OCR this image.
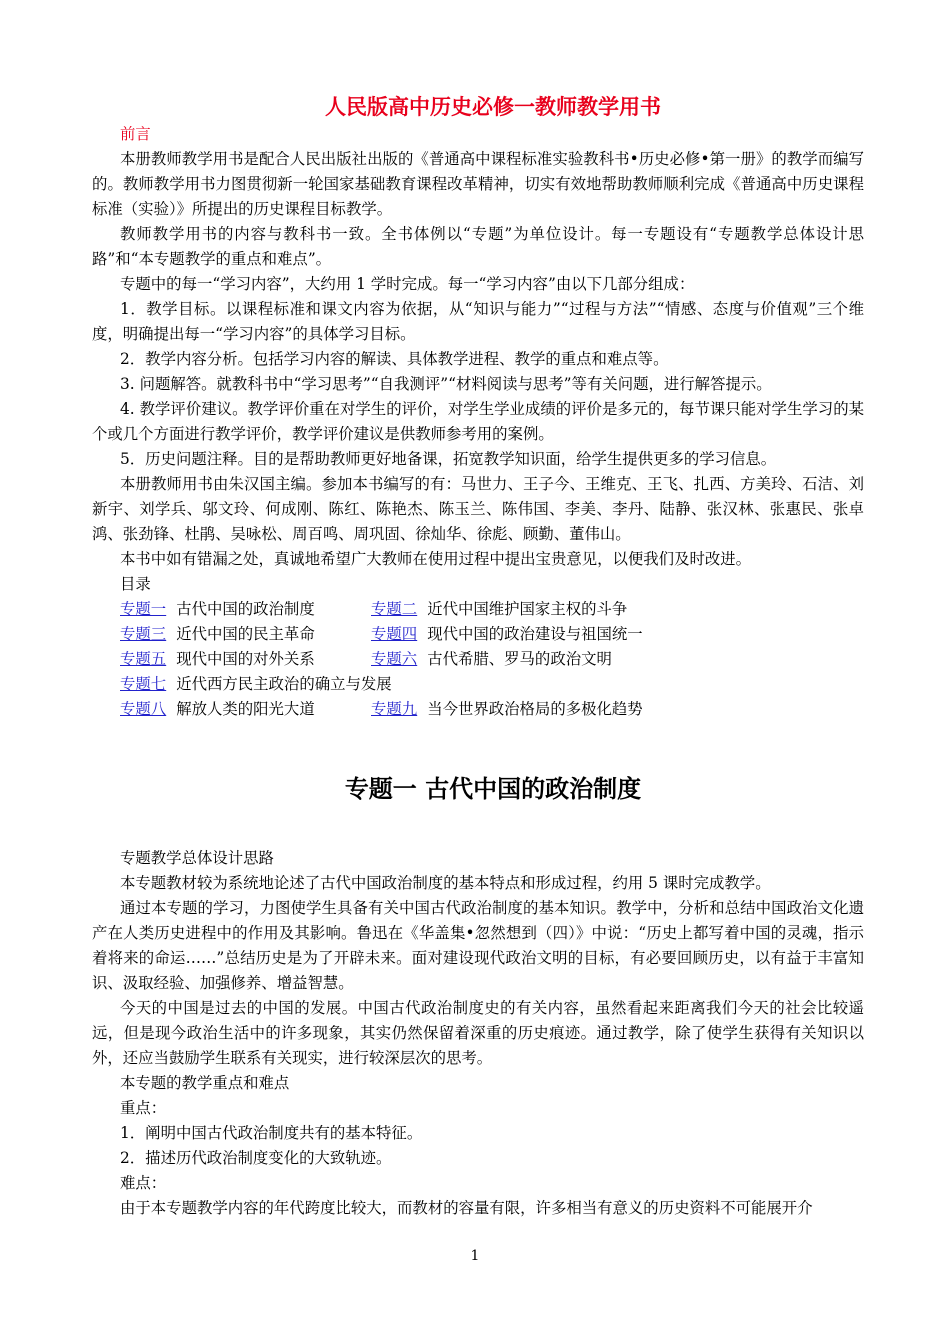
人民版高中历史必修一教师教学用书
前言
本册教师教学用书是配合人民出版社出版的《普通高中课程标准实验教科书•历史必修•第一册》的教学而编写的。教师教学用书力图贯彻新一轮国家基础教育课程改革精神，切实有效地帮助教师顺利完成《普通高中历史课程标准（实验）》所提出的历史课程目标教学。
教师教学用书的内容与教科书一致。全书体例以“专题”为单位设计。每一专题设有“专题教学总体设计思路”和“本专题教学的重点和难点”。
专题中的每一“学习内容”，大约用 1 学时完成。每一“学习内容”由以下几部分组成：
1．教学目标。以课程标准和课文内容为依据，从“知识与能力”“过程与方法”“情感、态度与价值观”三个维度，明确提出每一“学习内容”的具体学习目标。
2．教学内容分析。包括学习内容的解读、具体教学进程、教学的重点和难点等。
3. 问题解答。就教科书中“学习思考”“自我测评”“材料阅读与思考”等有关问题，进行解答提示。
4. 教学评价建议。教学评价重在对学生的评价，对学生学业成绩的评价是多元的，每节课只能对学生学习的某个或几个方面进行教学评价，教学评价建议是供教师参考用的案例。
5．历史问题注释。目的是帮助教师更好地备课，拓宽教学知识面，给学生提供更多的学习信息。
本册教师用书由朱汉国主编。参加本书编写的有：马世力、王子今、王维克、王飞、扎西、方美玲、石洁、刘新宇、刘学兵、邬文玲、何成刚、陈红、陈艳杰、陈玉兰、陈伟国、李美、李丹、陆静、张汉林、张惠民、张卓鸿、张劲锋、杜鹃、吴咏松、周百鸣、周巩固、徐灿华、徐彪、顾勤、董伟山。
本书中如有错漏之处，真诚地希望广大教师在使用过程中提出宝贵意见，以便我们及时改进。
目录
专题一 古代中国的政治制度	专题二 近代中国维护国家主权的斗争
专题三 近代中国的民主革命	专题四 现代中国的政治建设与祖国统一
专题五 现代中国的对外关系	专题六 古代希腊、罗马的政治文明
专题七 近代西方民主政治的确立与发展
专题八 解放人类的阳光大道	专题九 当今世界政治格局的多极化趋势
专题一 古代中国的政治制度
专题教学总体设计思路
本专题教材较为系统地论述了古代中国政治制度的基本特点和形成过程，约用 5 课时完成教学。
通过本专题的学习，力图使学生具备有关中国古代政治制度的基本知识。教学中，分析和总结中国政治文化遗产在人类历史进程中的作用及其影响。鲁迅在《华盖集•忽然想到（四）》中说：“历史上都写着中国的灵魂，指示着将来的命运……”总结历史是为了开辟未来。面对建设现代政治文明的目标，有必要回顾历史，以有益于丰富知识、汲取经验、加强修养、增益智慧。
今天的中国是过去的中国的发展。中国古代政治制度史的有关内容，虽然看起来距离我们今天的社会比较遥远，但是现今政治生活中的许多现象，其实仍然保留着深重的历史痕迹。通过教学，除了使学生获得有关知识以外，还应当鼓励学生联系有关现实，进行较深层次的思考。
本专题的教学重点和难点
重点：
1．阐明中国古代政治制度共有的基本特征。
2．描述历代政治制度变化的大致轨迹。
难点：
由于本专题教学内容的年代跨度比较大，而教材的容量有限，许多相当有意义的历史资料不可能展开介
1
